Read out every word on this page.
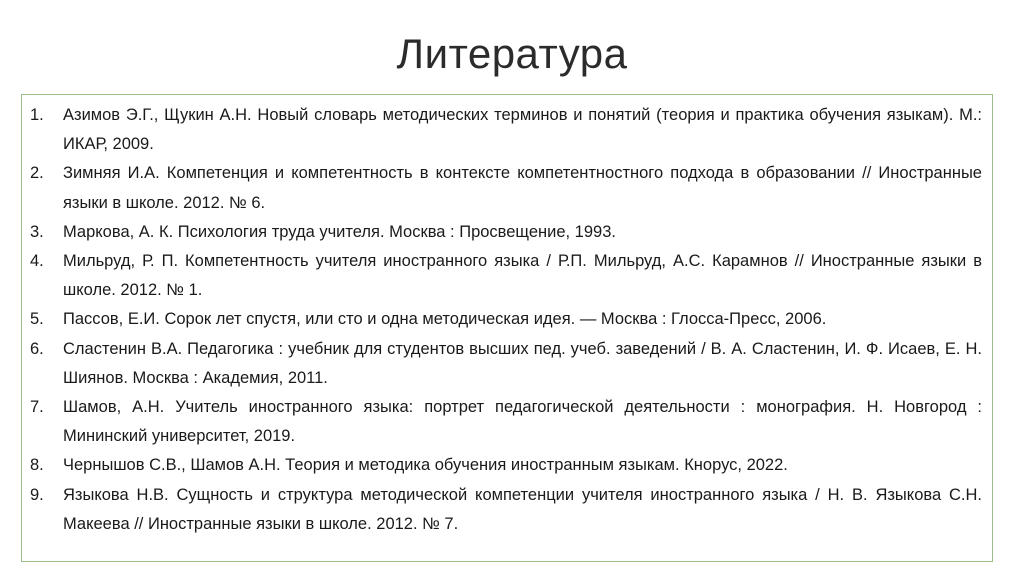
Литература
1.	Азимов Э.Г., Щукин А.Н. Новый словарь методических терминов и понятий (теория и практика обучения языкам). М.: ИКАР, 2009.
2.	Зимняя И.А. Компетенция и компетентность в контексте компетентностного подхода в образовании // Иностранные языки в школе. 2012. № 6.
3.	Маркова, А. К. Психология труда учителя. Москва : Просвещение, 1993.
4.	Мильруд, Р. П. Компетентность учителя иностранного языка / Р.П. Мильруд, А.С. Карамнов // Иностранные языки в школе. 2012. № 1.
5.	Пассов, Е.И. Сорок лет спустя, или сто и одна методическая идея. — Москва : Глосса-Пресс, 2006.
6.	Сластенин В.А. Педагогика : учебник для студентов высших пед. учеб. заведений / В. А. Сластенин, И. Ф. Исаев, Е. Н. Шиянов. Москва : Академия, 2011.
7.	Шамов, А.Н. Учитель иностранного языка: портрет педагогической деятельности : монография. Н. Новгород : Мининский университет, 2019.
8.	Чернышов С.В., Шамов А.Н. Теория и методика обучения иностранным языкам. Кнорус, 2022.
9.	Языкова Н.В. Сущность и структура методической компетенции учителя иностранного языка / Н. В. Языкова С.Н. Макеева // Иностранные языки в школе. 2012. № 7.
